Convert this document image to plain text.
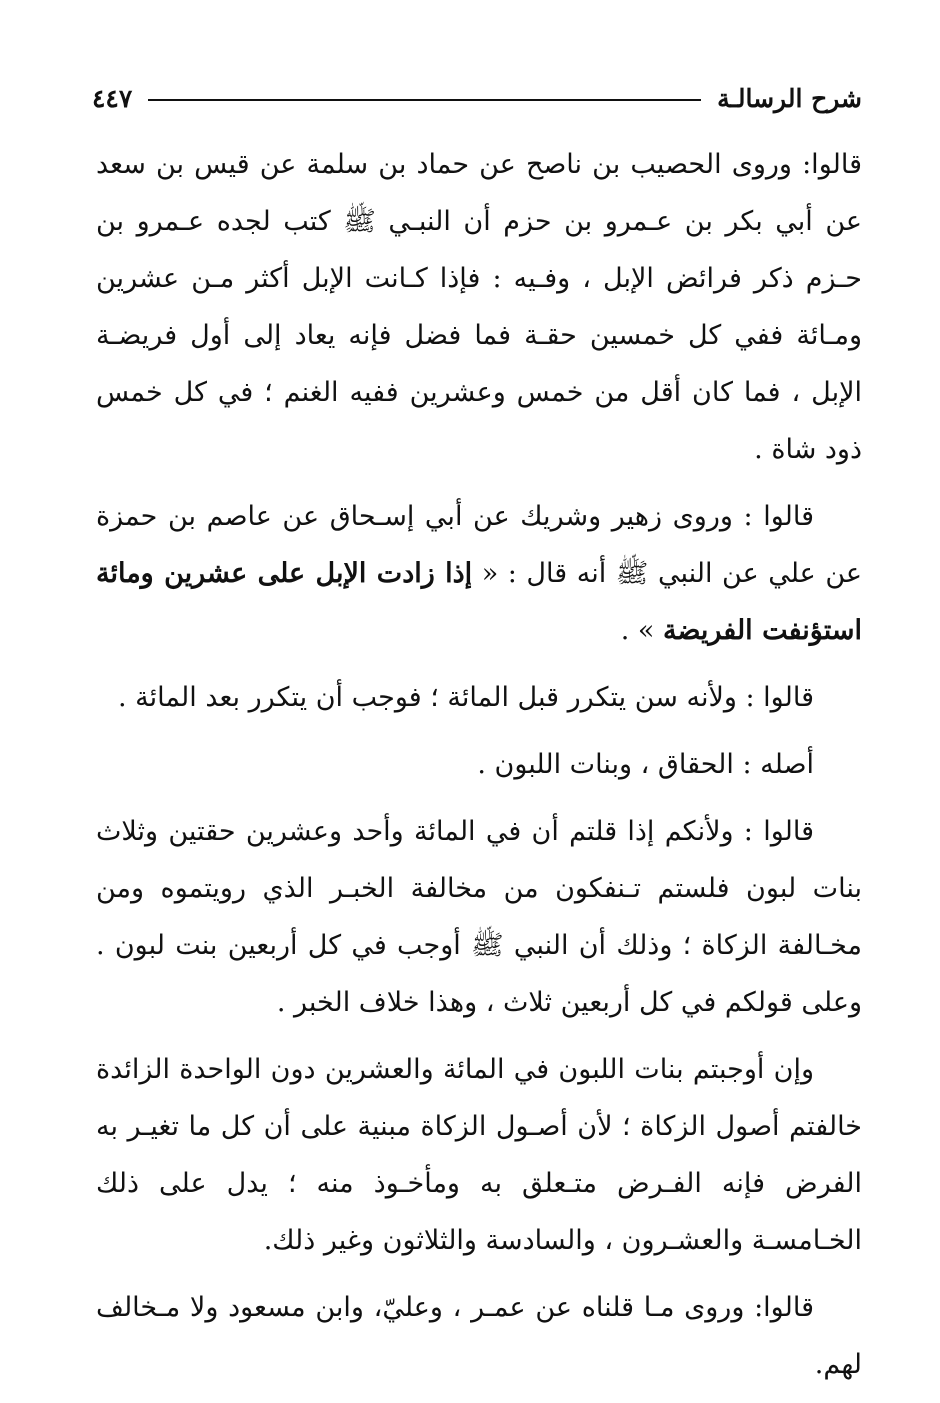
شرح الرسالـة
٤٤٧

قالوا: وروى الحصيب بن ناصح عن حماد بن سلمة عن قيس بن سعد عن أبي بكر بن عـمرو بن حزم أن النبـي ﷺ كتب لجده عـمرو بن حـزم ذكر فرائض الإبل ، وفـيه : فإذا كـانت الإبل أكثر مـن عشرين ومـائة ففي كل خمسين حقـة فما فضل فإنه يعاد إلى أول فريضـة الإبل ، فما كان أقل من خمس وعشرين ففيه الغنم ؛ في كل خمس ذود شاة .

قالوا : وروى زهير وشريك عن أبي إسـحاق عن عاصم بن حمزة عن علي عن النبي ﷺ أنه قال : « إذا زادت الإبل على عشرين ومائة استؤنفت الفريضة » .

قالوا : ولأنه سن يتكرر قبل المائة ؛ فوجب أن يتكرر بعد المائة .

أصله : الحقاق ، وبنات اللبون .

قالوا : ولأنكم إذا قلتم أن في المائة وأحد وعشرين حقتين وثلاث بنات لبون فلستم تـنفكون من مخالفة الخبـر الذي رويتموه ومن مخـالفة الزكاة ؛ وذلك أن النبي ﷺ أوجب في كل أربعين بنت لبون . وعلى قولكم في كل أربعين ثلاث ، وهذا خلاف الخبر .

وإن أوجبتم بنات اللبون في المائة والعشرين دون الواحدة الزائدة خالفتم أصول الزكاة ؛ لأن أصـول الزكاة مبنية على أن كل ما تغيـر به الفرض فإنه الفـرض متـعلق به ومأخـوذ منه ؛ يدل على ذلك الخـامسـة والعشـرون ، والسادسة والثلاثون وغير ذلك.

قالوا: وروى مـا قلناه عن عمـر ، وعليّ، وابن مسعود ولا مـخالف لهم.
